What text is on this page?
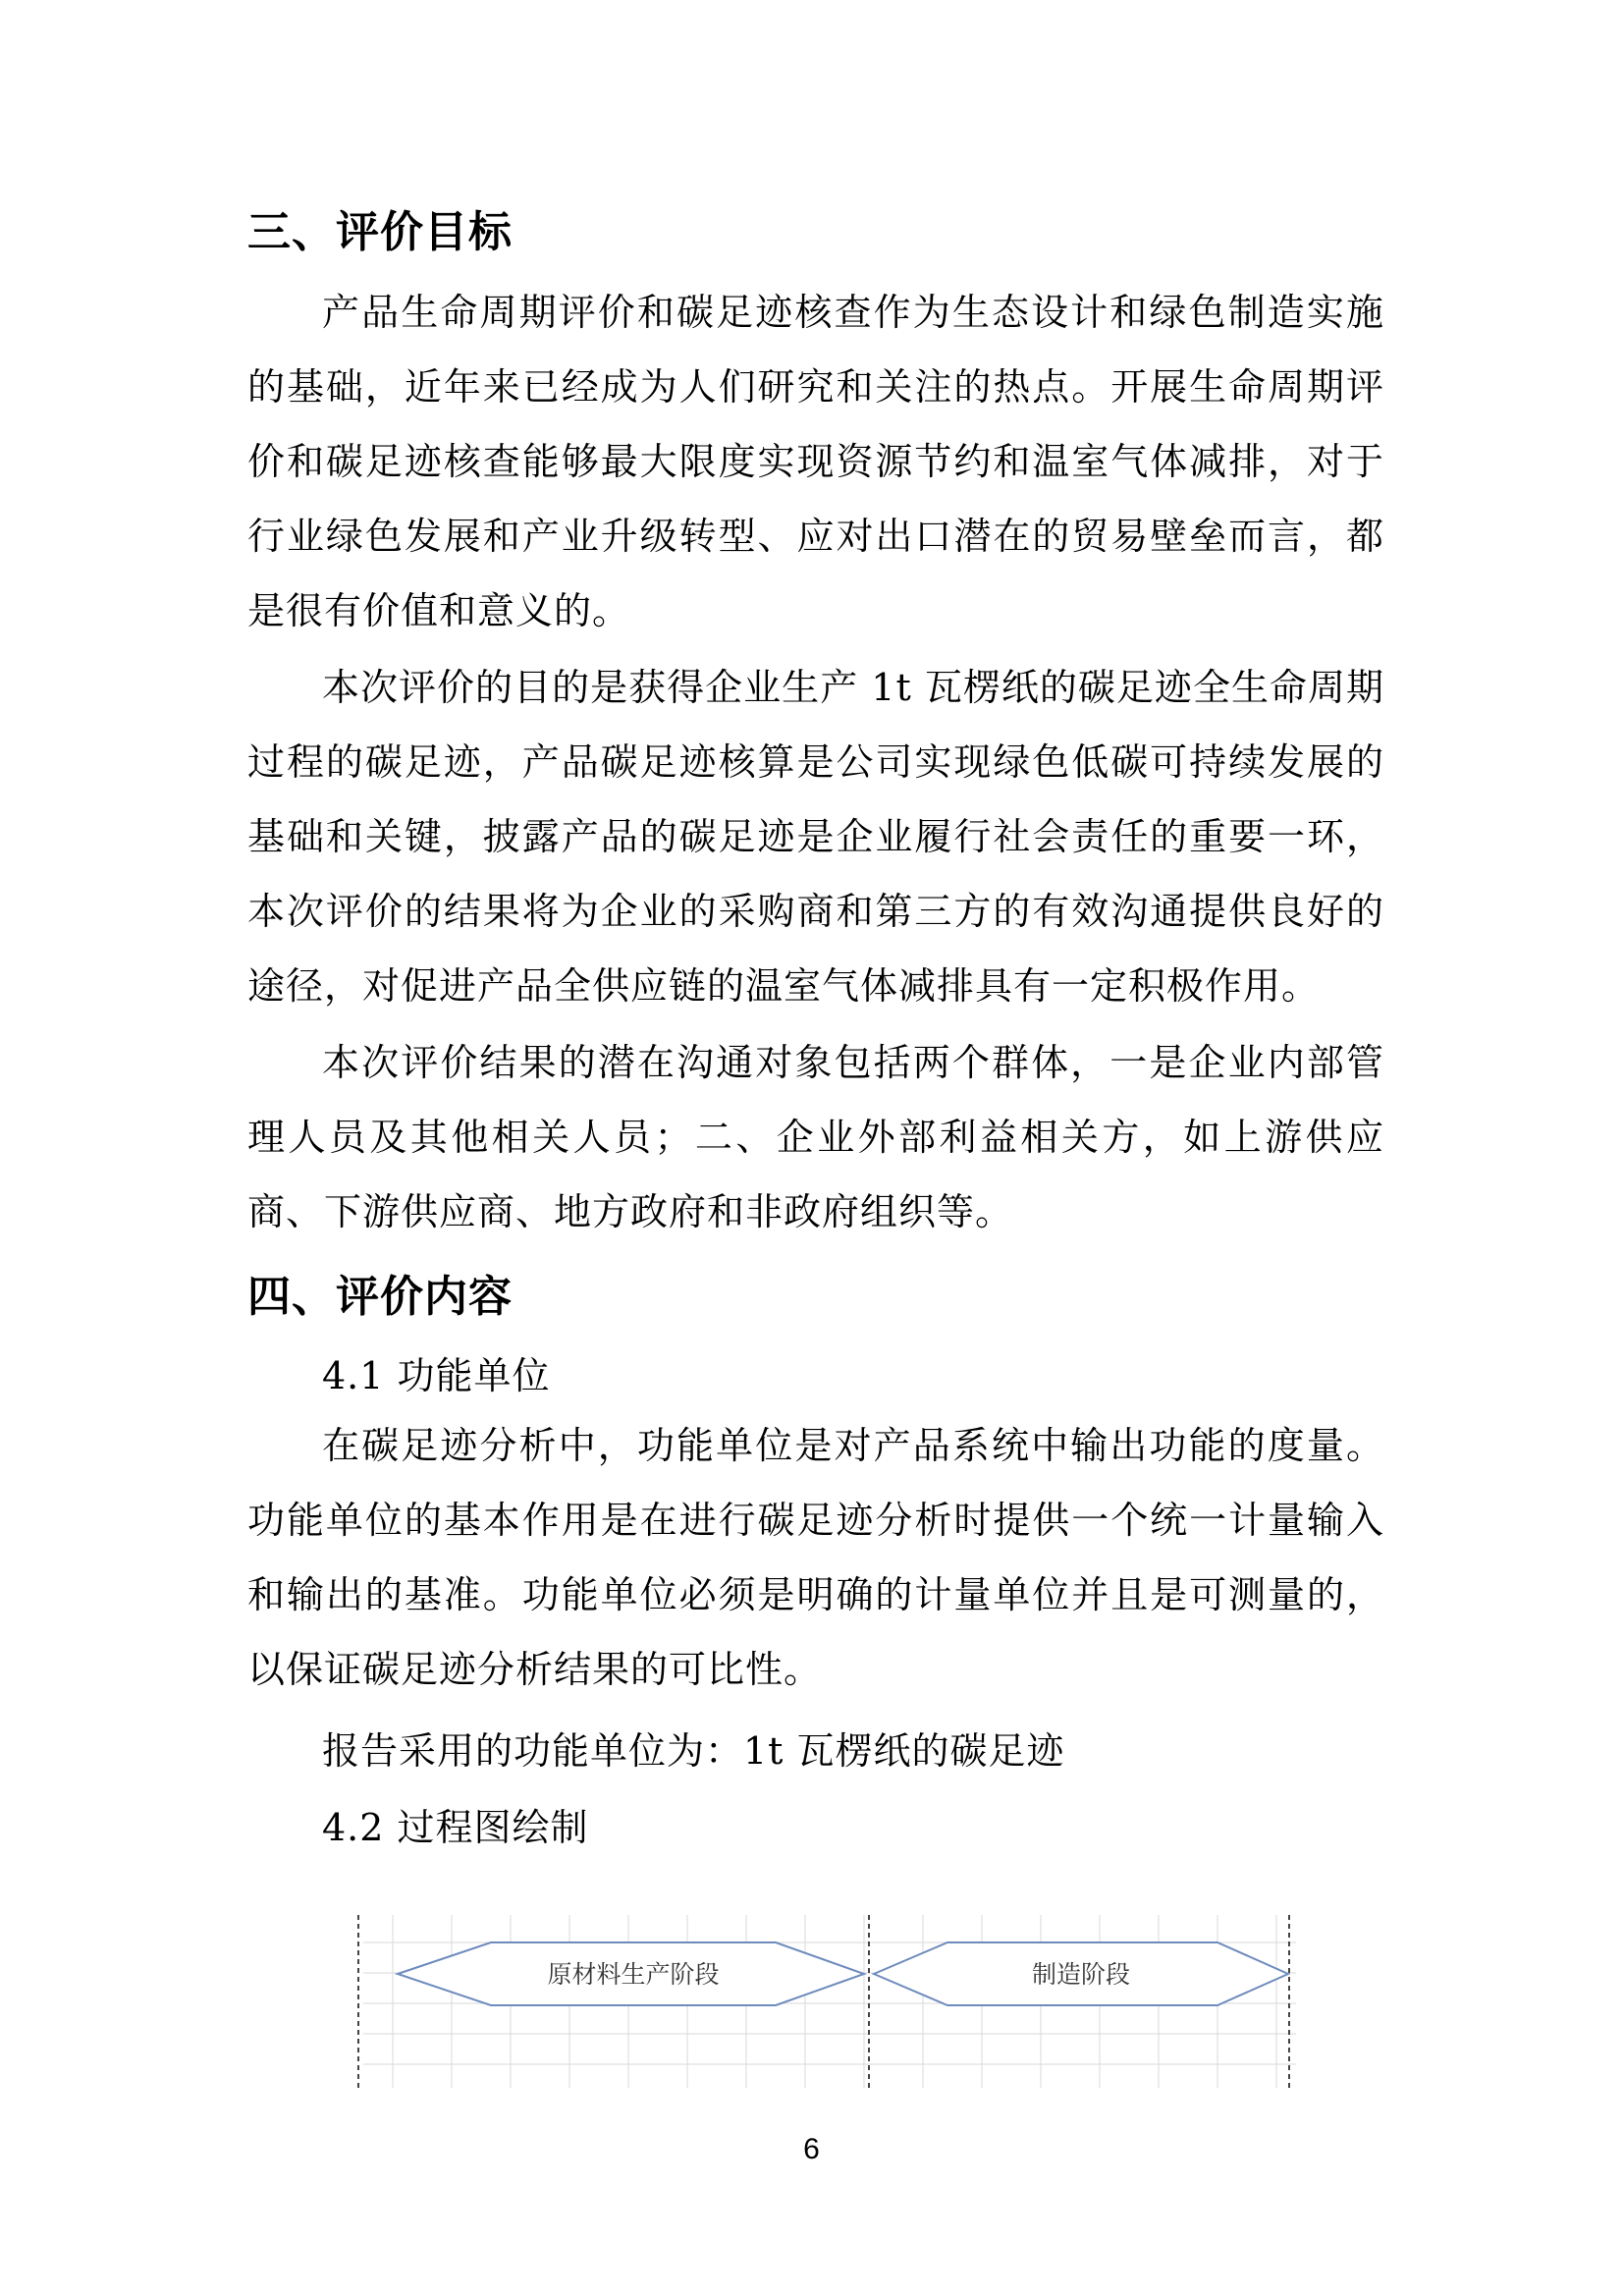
三、评价目标

产品生命周期评价和碳足迹核查作为生态设计和绿色制造实施的基础，近年来已经成为人们研究和关注的热点。开展生命周期评价和碳足迹核查能够最大限度实现资源节约和温室气体减排，对于行业绿色发展和产业升级转型、应对出口潜在的贸易壁垒而言，都是很有价值和意义的。

本次评价的目的是获得企业生产 1t 瓦楞纸的碳足迹全生命周期过程的碳足迹，产品碳足迹核算是公司实现绿色低碳可持续发展的基础和关键，披露产品的碳足迹是企业履行社会责任的重要一环，本次评价的结果将为企业的采购商和第三方的有效沟通提供良好的途径，对促进产品全供应链的温室气体减排具有一定积极作用。

本次评价结果的潜在沟通对象包括两个群体，一是企业内部管理人员及其他相关人员；二、企业外部利益相关方，如上游供应商、下游供应商、地方政府和非政府组织等。

四、评价内容
4.1 功能单位

在碳足迹分析中，功能单位是对产品系统中输出功能的度量。功能单位的基本作用是在进行碳足迹分析时提供一个统一计量输入和输出的基准。功能单位必须是明确的计量单位并且是可测量的，以保证碳足迹分析结果的可比性。

报告采用的功能单位为：1t 瓦楞纸的碳足迹
4.2 过程图绘制
原材料生产阶段	制造阶段
6
